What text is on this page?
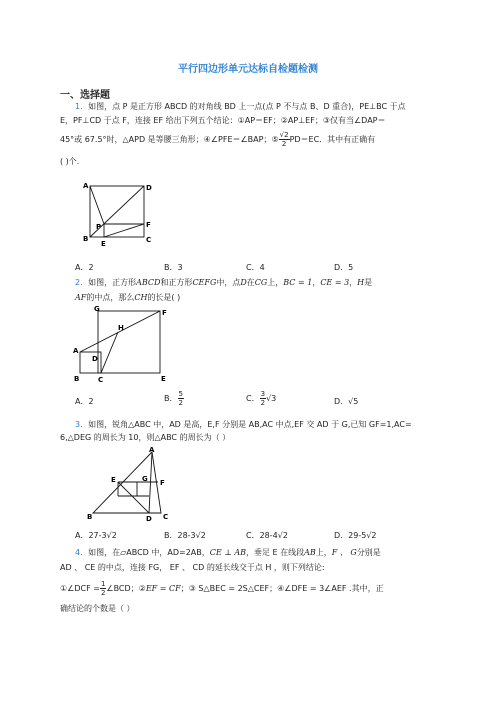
平行四边形单元达标自检题检测
一、选择题
1．如图，点 P 是正方形 ABCD 的对角线 BD 上一点(点 P 不与点 B、D 重合)，PE⊥BC 于点
E，PF⊥CD 于点 F，连接 EF 给出下列五个结论：①AP＝EF；②AP⊥EF；③仅有当∠DAP＝
45°或 67.5°时，△APD 是等腰三角形；④∠PFE＝∠BAP；⑤ $\frac{√2}{2} PD=EC$．其中有正确有
( )个.
A	D
B	C
E
F
P
A．2	B．3	C．4	D．5
2．如图，正方形ABCD和正方形CEFG中，点D在CG上，BC = 1，CE = 3，H是
AF的中点，那么CH的长是( )
G	F
H
A
D
B	C	E
A．2	B． $\frac{5}{2}$	C． $\frac{3}{2} √3$	D．√5
3．如图，锐角△ABC 中，AD 是高，E,F 分别是 AB,AC 中点,EF 交 AD 于 G,已知 GF=1,AC=
6,△DEG 的周长为 10，则△ABC 的周长为（ ）
A
E	G F
B	D C
A．27-3√2	B．28-3√2	C．28-4√2	D．29-5√2
4．如图，在▱ABCD 中，AD=2AB，CE ⊥ AB，垂足 E 在线段AB上，F 、 G分别是
AD 、 CE 的中点，连接 FG， EF 、 CD 的延长线交于点 H ，则下列结论:
①∠DCF = $\frac{1}{2}$ ∠BCD；②EF = CF；③ S△BEC = 2S△CEF；④∠DFE = 3∠AEF .其中，正
确结论的个数是（ ）
